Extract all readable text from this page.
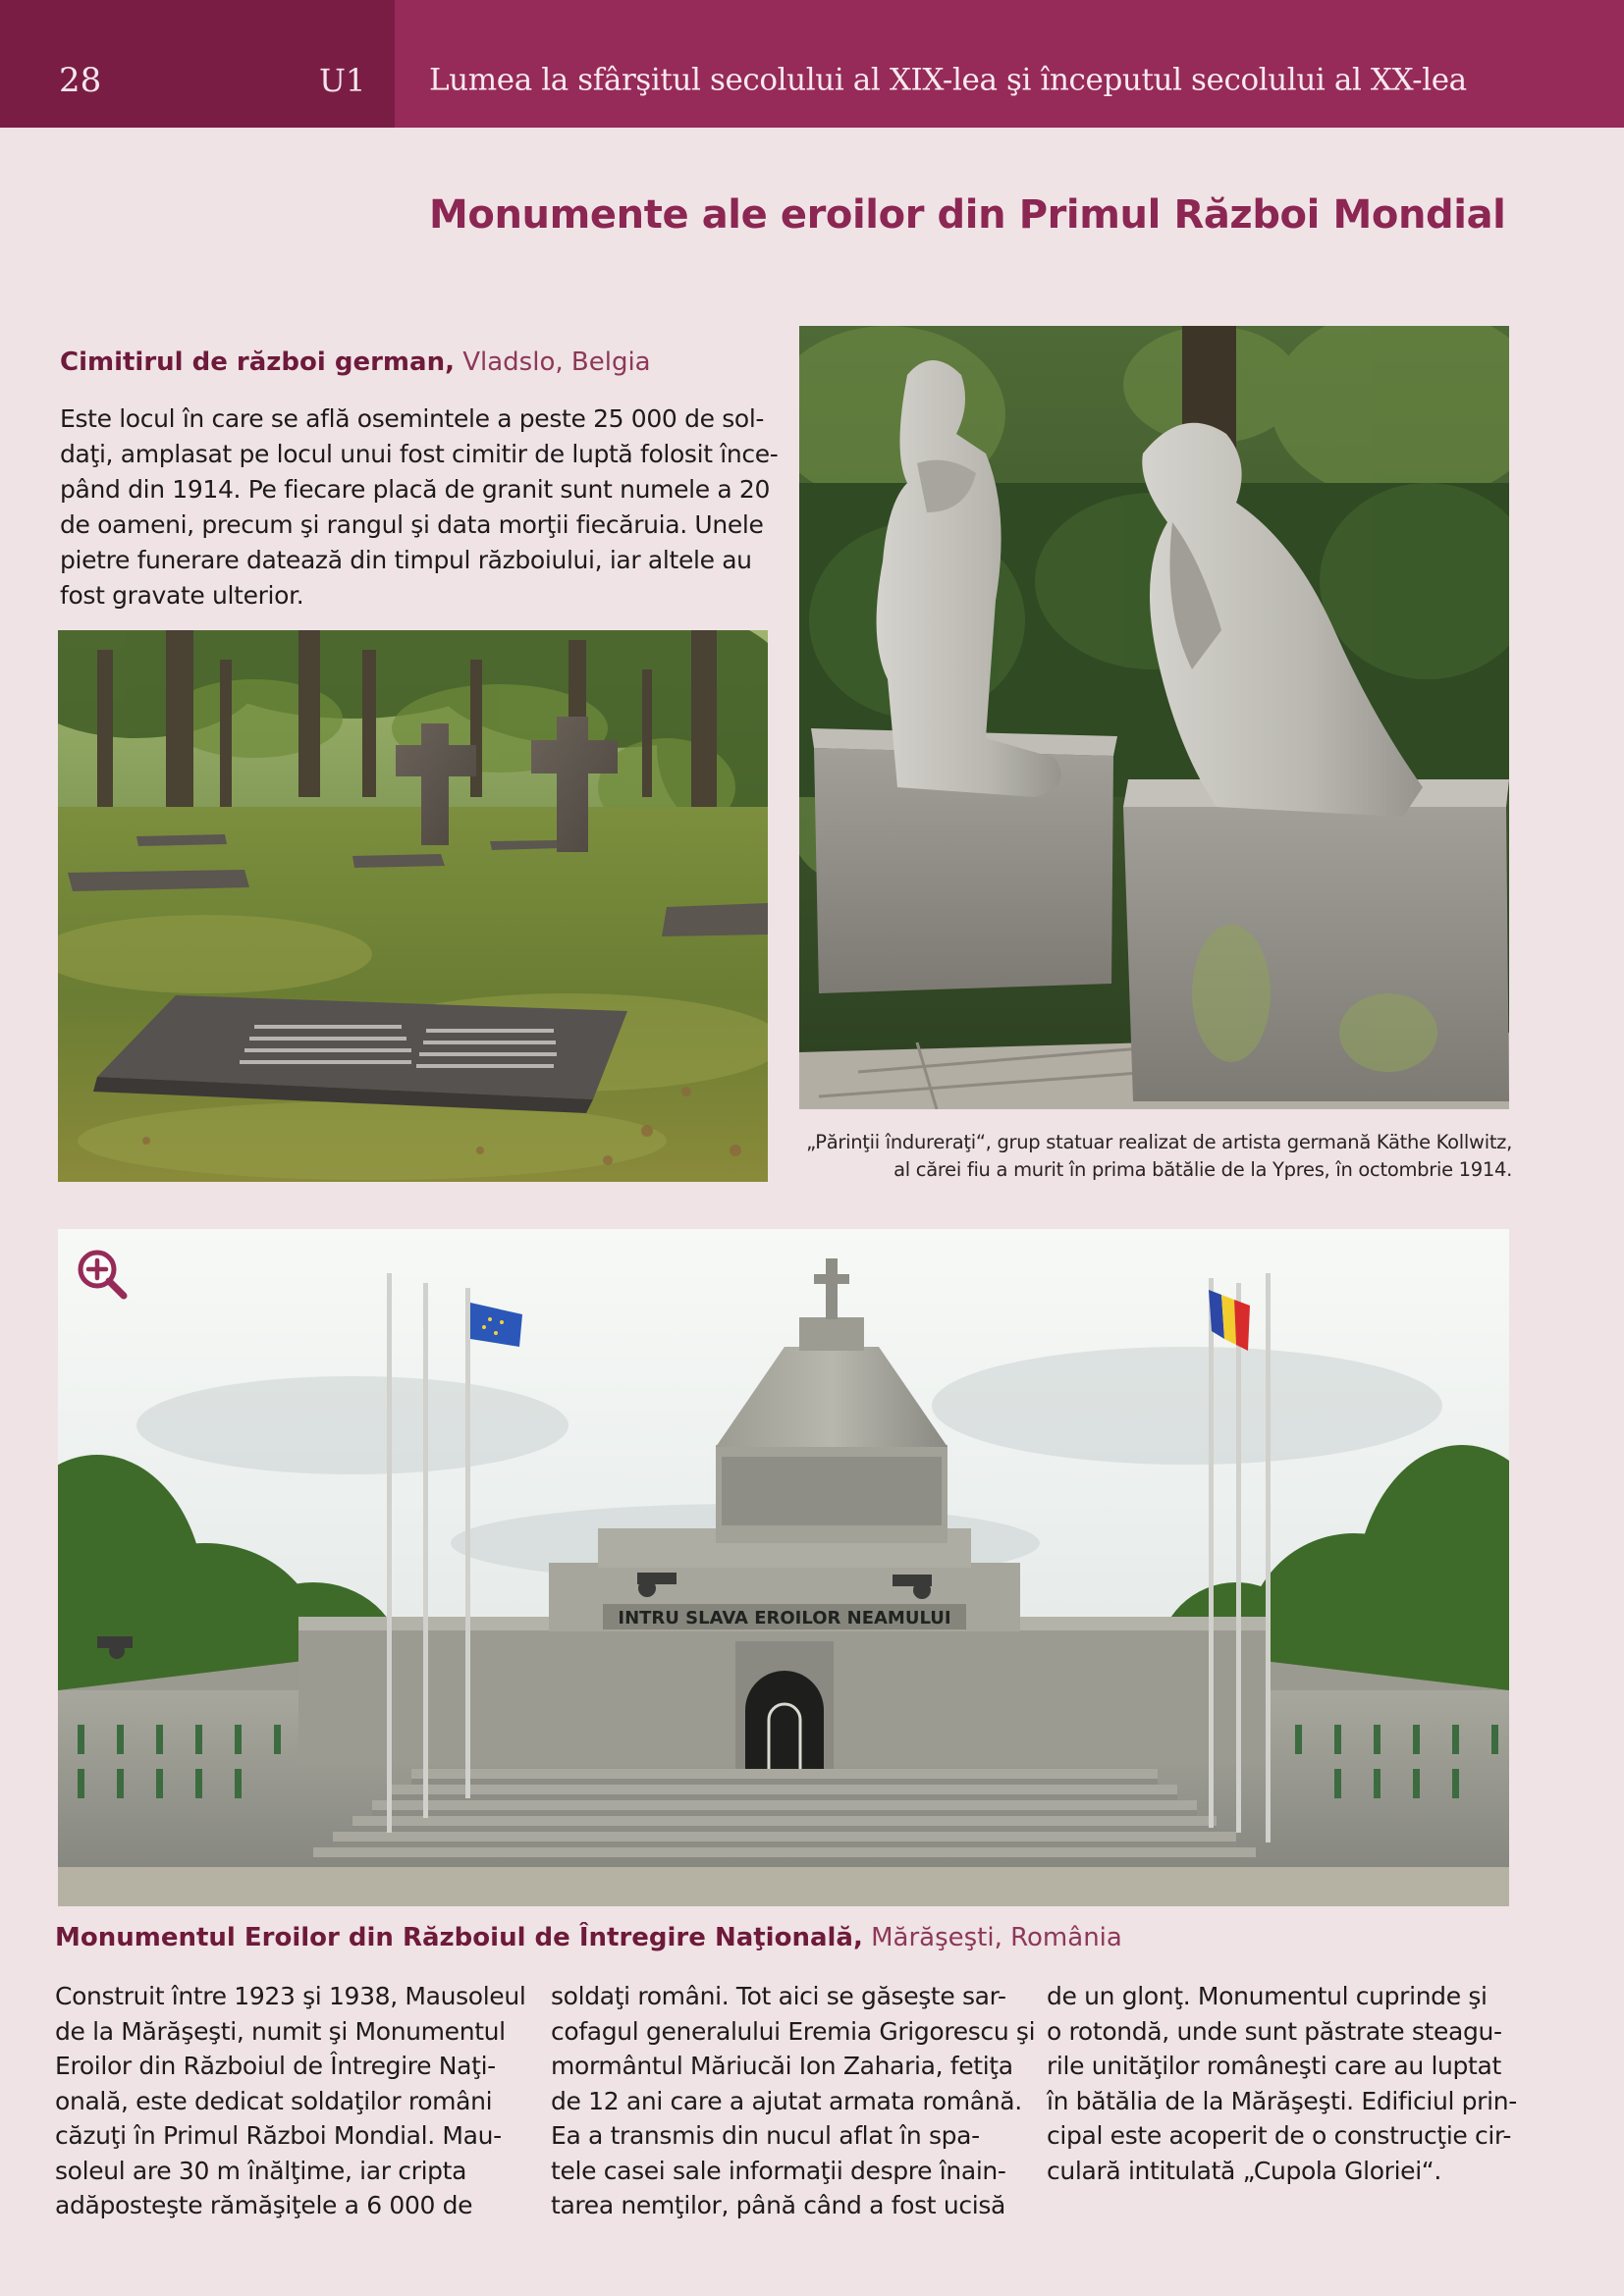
28	U1 Lumea la sfârşitul secolului al XIX-lea şi începutul secolului al XX-lea
Monumente ale eroilor din Primul Război Mondial
Cimitirul de război german, Vladslo, Belgia
Este locul în care se află osemintele a peste 25 000 de sol-
daţi, amplasat pe locul unui fost cimitir de luptă folosit înce-
pând din 1914. Pe fiecare placă de granit sunt numele a 20
de oameni, precum şi rangul şi data morţii fiecăruia. Unele
pietre funerare datează din timpul războiului, iar altele au
fost gravate ulterior.
„Părinţii îndureraţi“, grup statuar realizat de artista germană Käthe Kollwitz,
al cărei fiu a murit în prima bătălie de la Ypres, în octombrie 1914.
INTRU SLAVA EROILOR NEAMULUI
Monumentul Eroilor din Războiul de Întregire Naţională, Mărăşeşti, România
Construit între 1923 şi 1938, Mausoleul
de la Mărăşeşti, numit şi Monumentul
Eroilor din Războiul de Întregire Naţi-
onală, este dedicat soldaţilor români
căzuţi în Primul Război Mondial. Mau-
soleul are 30 m înălţime, iar cripta
adăposteşte rămăşiţele a 6 000 de
soldaţi români. Tot aici se găseşte sar-
cofagul generalului Eremia Grigorescu şi
mormântul Măriucăi Ion Zaharia, fetiţa
de 12 ani care a ajutat armata română.
Ea a transmis din nucul aflat în spa-
tele casei sale informaţii despre înain-
tarea nemţilor, până când a fost ucisă
de un glonţ. Monumentul cuprinde şi
o rotondă, unde sunt păstrate steagu-
rile unităţilor româneşti care au luptat
în bătălia de la Mărăşeşti. Edificiul prin-
cipal este acoperit de o construcţie cir-
culară intitulată „Cupola Gloriei“.
